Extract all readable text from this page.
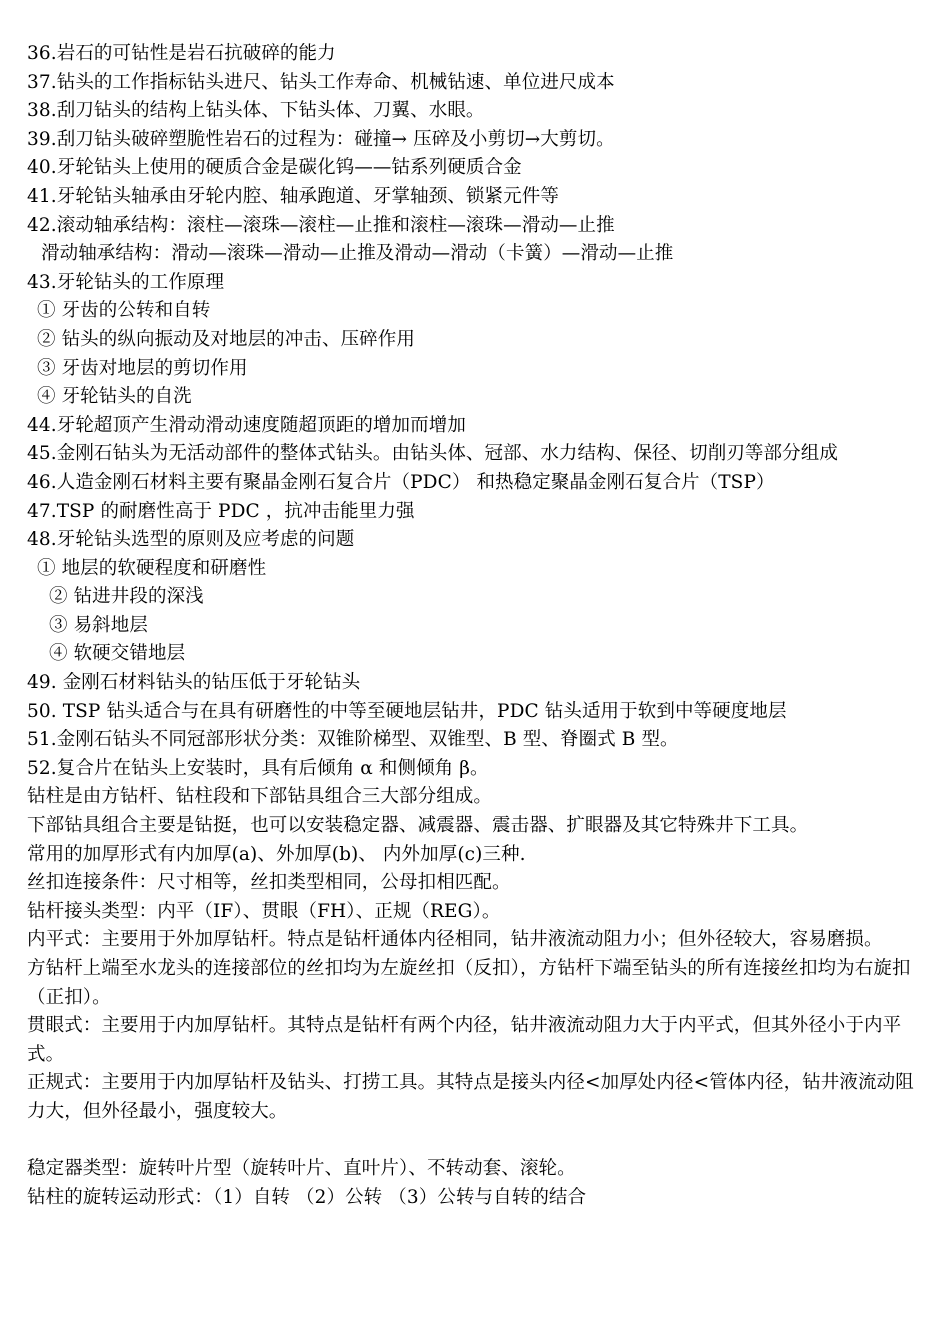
36.岩石的可钻性是岩石抗破碎的能力
37.钻头的工作指标钻头进尺、钻头工作寿命、机械钻速、单位进尺成本
38.刮刀钻头的结构上钻头体、下钻头体、刀翼、水眼。
39.刮刀钻头破碎塑脆性岩石的过程为：碰撞→ 压碎及小剪切→大剪切。
40.牙轮钻头上使用的硬质合金是碳化钨——钴系列硬质合金
41.牙轮钻头轴承由牙轮内腔、轴承跑道、牙掌轴颈、锁紧元件等
42.滚动轴承结构：滚柱—滚珠—滚柱—止推和滚柱—滚珠—滑动—止推
滑动轴承结构：滑动—滚珠—滑动—止推及滑动—滑动（卡簧）—滑动—止推
43.牙轮钻头的工作原理
① 牙齿的公转和自转
② 钻头的纵向振动及对地层的冲击、压碎作用
③ 牙齿对地层的剪切作用
④ 牙轮钻头的自洗
44.牙轮超顶产生滑动滑动速度随超顶距的增加而增加
45.金刚石钻头为无活动部件的整体式钻头。由钻头体、冠部、水力结构、保径、切削刃等部分组成
46.人造金刚石材料主要有聚晶金刚石复合片（PDC） 和热稳定聚晶金刚石复合片（TSP）
47.TSP 的耐磨性高于 PDC ，抗冲击能里力强
48.牙轮钻头选型的原则及应考虑的问题
① 地层的软硬程度和研磨性
② 钻进井段的深浅
③ 易斜地层
④ 软硬交错地层
49. 金刚石材料钻头的钻压低于牙轮钻头
50. TSP 钻头适合与在具有研磨性的中等至硬地层钻井，PDC 钻头适用于软到中等硬度地层
51.金刚石钻头不同冠部形状分类：双锥阶梯型、双锥型、B 型、脊圈式 B 型。
52.复合片在钻头上安装时，具有后倾角 α 和侧倾角 β。
钻柱是由方钻杆、钻柱段和下部钻具组合三大部分组成。
下部钻具组合主要是钻挺，也可以安装稳定器、减震器、震击器、扩眼器及其它特殊井下工具。
常用的加厚形式有内加厚(a)、外加厚(b)、 内外加厚(c)三种.
丝扣连接条件：尺寸相等，丝扣类型相同，公母扣相匹配。
钻杆接头类型：内平（IF）、贯眼（FH）、正规（REG）。
内平式：主要用于外加厚钻杆。特点是钻杆通体内径相同，钻井液流动阻力小；但外径较大，容易磨损。
方钻杆上端至水龙头的连接部位的丝扣均为左旋丝扣（反扣），方钻杆下端至钻头的所有连接丝扣均为右旋扣（正扣）。
贯眼式：主要用于内加厚钻杆。其特点是钻杆有两个内径，钻井液流动阻力大于内平式，但其外径小于内平式。
正规式：主要用于内加厚钻杆及钻头、打捞工具。其特点是接头内径<加厚处内径<管体内径，钻井液流动阻力大，但外径最小，强度较大。
稳定器类型：旋转叶片型（旋转叶片、直叶片）、不转动套、滚轮。
钻柱的旋转运动形式：（1）自转 （2）公转 （3）公转与自转的结合
